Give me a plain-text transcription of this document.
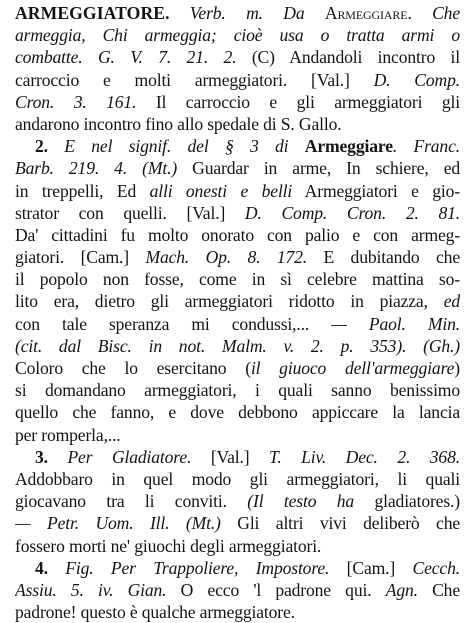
ARMEGGIATORE. Verb. m. Da Armeggiare. Che
armeggia, Chi armeggia; cioè usa o tratta armi o
combatte. G. V. 7. 21. 2. (C) Andandoli incontro il
carroccio e molti armeggiatori. [Val.] D. Comp.
Cron. 3. 161. Il carroccio e gli armeggiatori gli
andarono incontro fino allo spedale di S. Gallo.
2. E nel signif. del § 3 di Armeggiare. Franc.
Barb. 219. 4. (Mt.) Guardar in arme, In schiere, ed
in treppelli, Ed alli onesti e belli Armeggiatori e gio-
strator con quelli. [Val.] D. Comp. Cron. 2. 81.
Da' cittadini fu molto onorato con palio e con armeg-
giatori. [Cam.] Mach. Op. 8. 172. E dubitando che
il popolo non fosse, come in sì celebre mattina so-
lito era, dietro gli armeggiatori ridotto in piazza, ed
con tale speranza mi condussi,... — Paol. Min.
(cit. dal Bisc. in not. Malm. v. 2. p. 353). (Gh.)
Coloro che lo esercitano (il giuoco dell'armeggiare)
si domandano armeggiatori, i quali sanno benissimo
quello che fanno, e dove debbono appiccare la lancia
per romperla,...
3. Per Gladiatore. [Val.] T. Liv. Dec. 2. 368.
Addobbaro in quel modo gli armeggiatori, li quali
giocavano tra li conviti. (Il testo ha gladiatores.)
— Petr. Uom. Ill. (Mt.) Gli altri vivi deliberò che
fossero morti ne' giuochi degli armeggiatori.
4. Fig. Per Trappoliere, Impostore. [Cam.] Cecch.
Assiu. 5. iv. Gian. O ecco 'l padrone qui. Agn. Che
padrone! questo è qualche armeggiatore.
